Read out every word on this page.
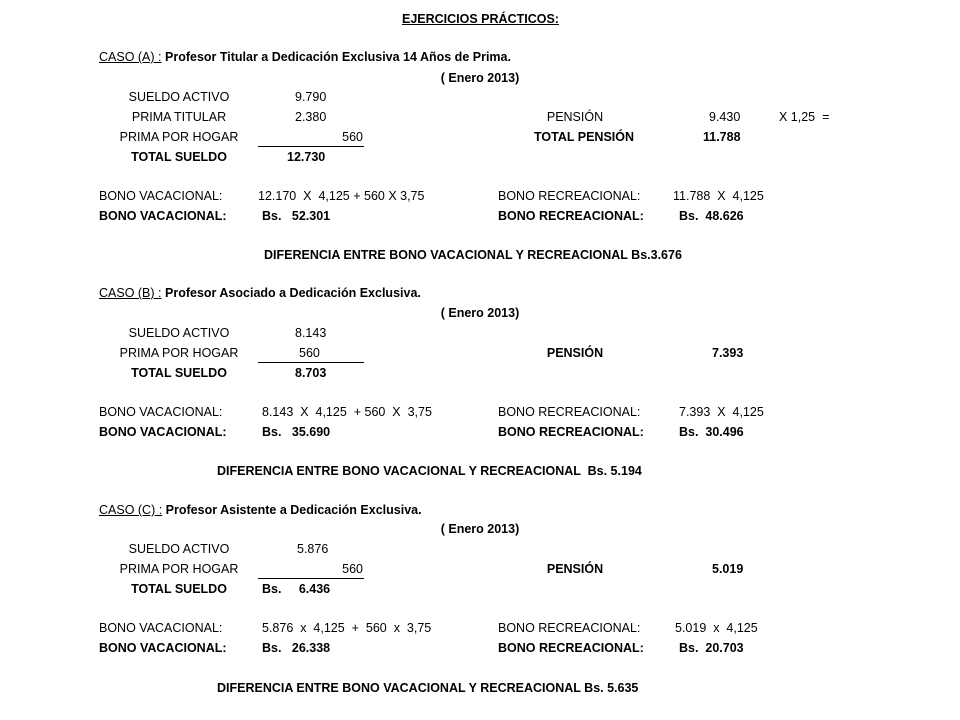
EJERCICIOS PRÁCTICOS:
CASO (A) : Profesor Titular a Dedicación Exclusiva 14 Años de Prima.
( Enero 2013)
SUELDO ACTIVO	9.790
PRIMA TITULAR	2.380
PRIMA POR HOGAR	560
TOTAL SUELDO	12.730
PENSIÓN	9.430	X 1,25  =
TOTAL PENSIÓN	11.788
BONO VACACIONAL:	12.170  X  4,125 + 560 X 3,75	BONO RECREACIONAL:	11.788  X  4,125
BONO VACACIONAL:	Bs.   52.301	BONO RECREACIONAL:	Bs.  48.626
DIFERENCIA ENTRE BONO VACACIONAL Y RECREACIONAL Bs.3.676
CASO (B) : Profesor Asociado a Dedicación Exclusiva.
( Enero 2013)
SUELDO ACTIVO	8.143
PRIMA POR HOGAR	560
TOTAL SUELDO	8.703
PENSIÓN	7.393
BONO VACACIONAL:	8.143  X  4,125  + 560  X  3,75	BONO RECREACIONAL:	7.393  X  4,125
BONO VACACIONAL:	Bs.   35.690	BONO RECREACIONAL:	Bs.  30.496
DIFERENCIA ENTRE BONO VACACIONAL Y RECREACIONAL  Bs. 5.194
CASO (C) : Profesor Asistente a Dedicación Exclusiva.
( Enero 2013)
SUELDO ACTIVO	5.876
PRIMA POR HOGAR	560
TOTAL SUELDO	Bs.     6.436
PENSIÓN	5.019
BONO VACACIONAL:	5.876  x  4,125  +  560  x  3,75	BONO RECREACIONAL:	5.019  x  4,125
BONO VACACIONAL:	Bs.   26.338	BONO RECREACIONAL:	Bs.  20.703
DIFERENCIA ENTRE BONO VACACIONAL Y RECREACIONAL Bs. 5.635
